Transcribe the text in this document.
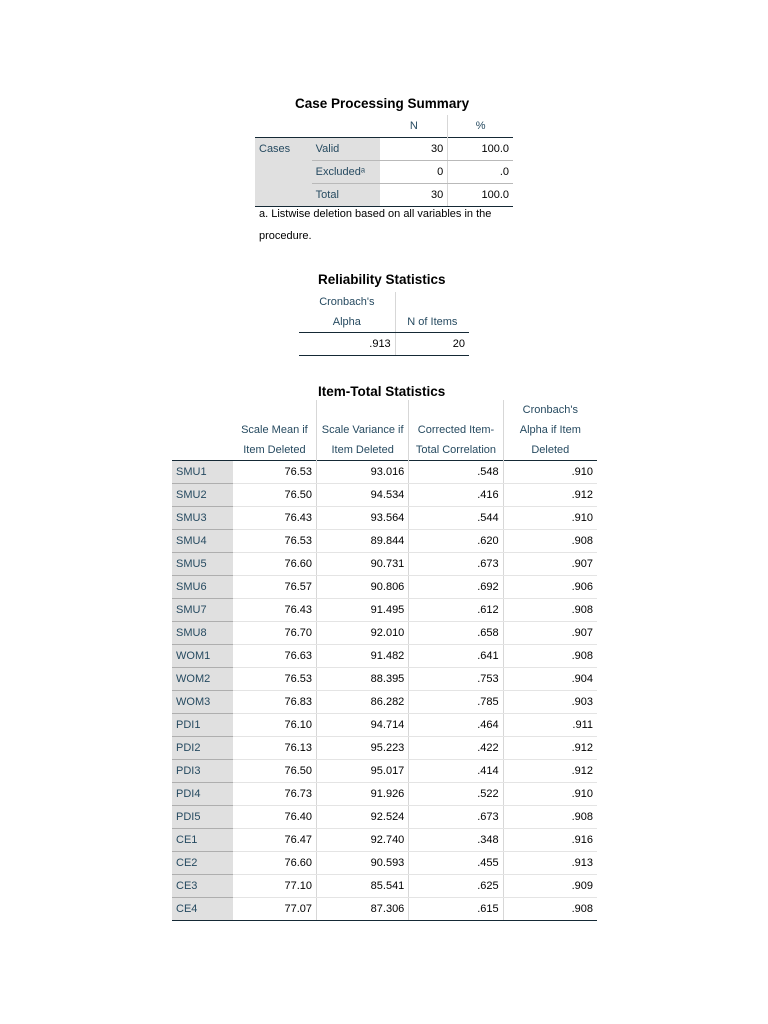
Case Processing Summary
		N	%
Cases	Valid	30	100.0
	Excludedᵃ	0	.0
	Total	30	100.0
a. Listwise deletion based on all variables in the
procedure.
Reliability Statistics
Cronbach's	
Alpha	N of Items
.913	20
Item-Total Statistics
				Cronbach's
	Scale Mean if	Scale Variance if	Corrected Item-	Alpha if Item
	Item Deleted	Item Deleted	Total Correlation	Deleted
SMU1	76.53	93.016	.548	.910
SMU2	76.50	94.534	.416	.912
SMU3	76.43	93.564	.544	.910
SMU4	76.53	89.844	.620	.908
SMU5	76.60	90.731	.673	.907
SMU6	76.57	90.806	.692	.906
SMU7	76.43	91.495	.612	.908
SMU8	76.70	92.010	.658	.907
WOM1	76.63	91.482	.641	.908
WOM2	76.53	88.395	.753	.904
WOM3	76.83	86.282	.785	.903
PDI1	76.10	94.714	.464	.911
PDI2	76.13	95.223	.422	.912
PDI3	76.50	95.017	.414	.912
PDI4	76.73	91.926	.522	.910
PDI5	76.40	92.524	.673	.908
CE1	76.47	92.740	.348	.916
CE2	76.60	90.593	.455	.913
CE3	77.10	85.541	.625	.909
CE4	77.07	87.306	.615	.908
